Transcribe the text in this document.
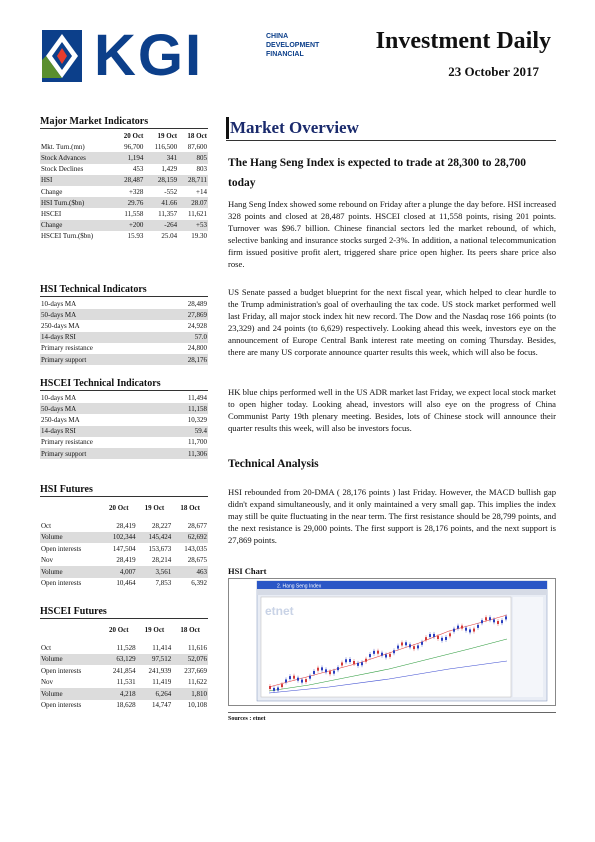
KGI	CHINA
DEVELOPMENT
FINANCIAL
Investment Daily
23 October 2017
Major Market Indicators
	20 Oct	19 Oct	18 Oct
Mkt. Turn.(mn)	96,700	116,500	87,600
Stock Advances	1,194	341	805
Stock Declines	453	1,429	803
HSI	28,487	28,159	28,711
Change	+328	-552	+14
HSI Turn.($bn)	29.76	41.66	28.07
HSCEI	11,558	11,357	11,621
Change	+200	-264	+53
HSCEI Turn.($bn)	15.93	25.04	19.30
HSI Technical Indicators
10-days MA	28,489
50-days MA	27,869
250-days MA	24,928
14-days RSI	57.0
Primary resistance	24,800
Primary support	28,176
HSCEI Technical Indicators
10-days MA	11,494
50-days MA	11,158
250-days MA	10,329
14-days RSI	59.4
Primary resistance	11,700
Primary support	11,306
HSI Futures
	20 Oct	19 Oct	18 Oct
Oct	28,419	28,227	28,677
Volume	102,344	145,424	62,692
Open interests	147,504	153,673	143,035
Nov	28,419	28,214	28,675
Volume	4,007	3,561	463
Open interests	10,464	7,853	6,392
HSCEI Futures
	20 Oct	19 Oct	18 Oct
Oct	11,528	11,414	11,616
Volume	63,129	97,512	52,076
Open interests	241,854	241,939	237,669
Nov	11,531	11,419	11,622
Volume	4,218	6,264	1,810
Open interests	18,628	14,747	10,108
Market Overview
The Hang Seng Index is expected to trade at 28,300 to 28,700 today
Hang Seng Index showed some rebound on Friday after a plunge the day before. HSI increased 328 points and closed at 28,487 points. HSCEI closed at 11,558 points, rising 201 points. Turnover was $96.7 billion. Chinese financial sectors led the market rebound, of which, selective banking and insurance stocks surged 2-3%. In addition, a national telecommunication firm issued positive profit alert, triggered share price open higher. Its peers share price also rose.
US Senate passed a budget blueprint for the next fiscal year, which helped to clear hurdle to the Trump administration's goal of overhauling the tax code. US stock market performed well last Friday, all major stock index hit new record. The Dow and the Nasdaq rose 166 points (to 23,329) and 24 points (to 6,629) respectively. Looking ahead this week, investors eye on the announcement of Europe Central Bank interest rate meeting on coming Thursday. Besides, there are many US corporate announce quarter results this week, which will also be focus.
HK blue chips performed well in the US ADR market last Friday, we expect local stock market to open higher today. Looking ahead, investors will also eye on the progress of China Communist Party 19th plenary meeting. Besides, lots of Chinese stock will announce their quarter results this week, will also be investors focus.
Technical Analysis
HSI rebounded from 20-DMA ( 28,176 points ) last Friday. However, the MACD bullish gap didn't expand simultaneously, and it only maintained a very small gap. This implies the index may still be quite fluctuating in the near term. The first resistance should be 28,799 points, and the next resistance is 29,000 points. The first support is 28,176 points, and the next support is 27,869 points.
HSI Chart
2. Hang Seng Index
etnet
Sources : etnet
